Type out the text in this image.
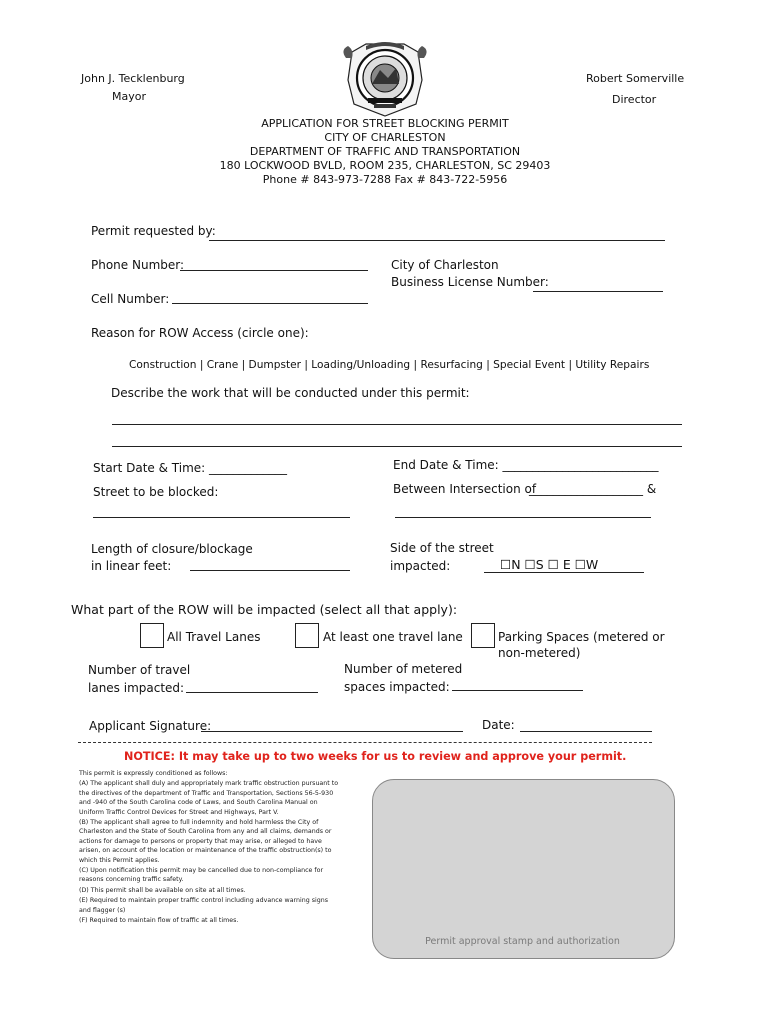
John J. Tecklenburg
Mayor
Robert Somerville
Director
APPLICATION FOR STREET BLOCKING PERMIT
CITY OF CHARLESTON
DEPARTMENT OF TRAFFIC AND TRANSPORTATION
180 LOCKWOOD BVLD, ROOM 235, CHARLESTON, SC 29403
Phone # 843-973-7288 Fax # 843-722-5956
Permit requested by:
Phone Number:	City of Charleston
Business License Number:
Cell Number:
Reason for ROW Access (circle one):
Construction | Crane | Dumpster | Loading/Unloading | Resurfacing | Special Event | Utility Repairs
Describe the work that will be conducted under this permit:
Start Date & Time: _____________	End Date & Time: __________________________
Street to be blocked:	Between Intersection of
___________________ &
Length of closure/blockage
in linear feet:
Side of the street
impacted:	☐N ☐S ☐ E ☐W
What part of the ROW will be impacted (select all that apply):
All Travel Lanes	At least one travel lane	Parking Spaces (metered or
non-metered)
Number of travel
lanes impacted:
Number of metered
spaces impacted:
Applicant Signature:	Date:
NOTICE: It may take up to two weeks for us to review and approve your permit.
This permit is expressly conditioned as follows:
(A) The applicant shall duly and appropriately mark traffic obstruction pursuant to the directives of the department of Traffic and Transportation, Sections 56-5-930 and -940 of the South Carolina code of Laws, and South Carolina Manual on Uniform Traffic Control Devices for Street and Highways, Part V.
(B) The applicant shall agree to full indemnity and hold harmless the City of Charleston and the State of South Carolina from any and all claims, demands or actions for damage to persons or property that may arise, or alleged to have arisen, on account of the location or maintenance of the traffic obstruction(s) to which this Permit applies.
(C) Upon notification this permit may be cancelled due to non-compliance for reasons concerning traffic safety.
(D) This permit shall be available on site at all times.
(E) Required to maintain proper traffic control including advance warning signs and flagger (s)
(F) Required to maintain flow of traffic at all times.
Permit approval stamp and authorization
